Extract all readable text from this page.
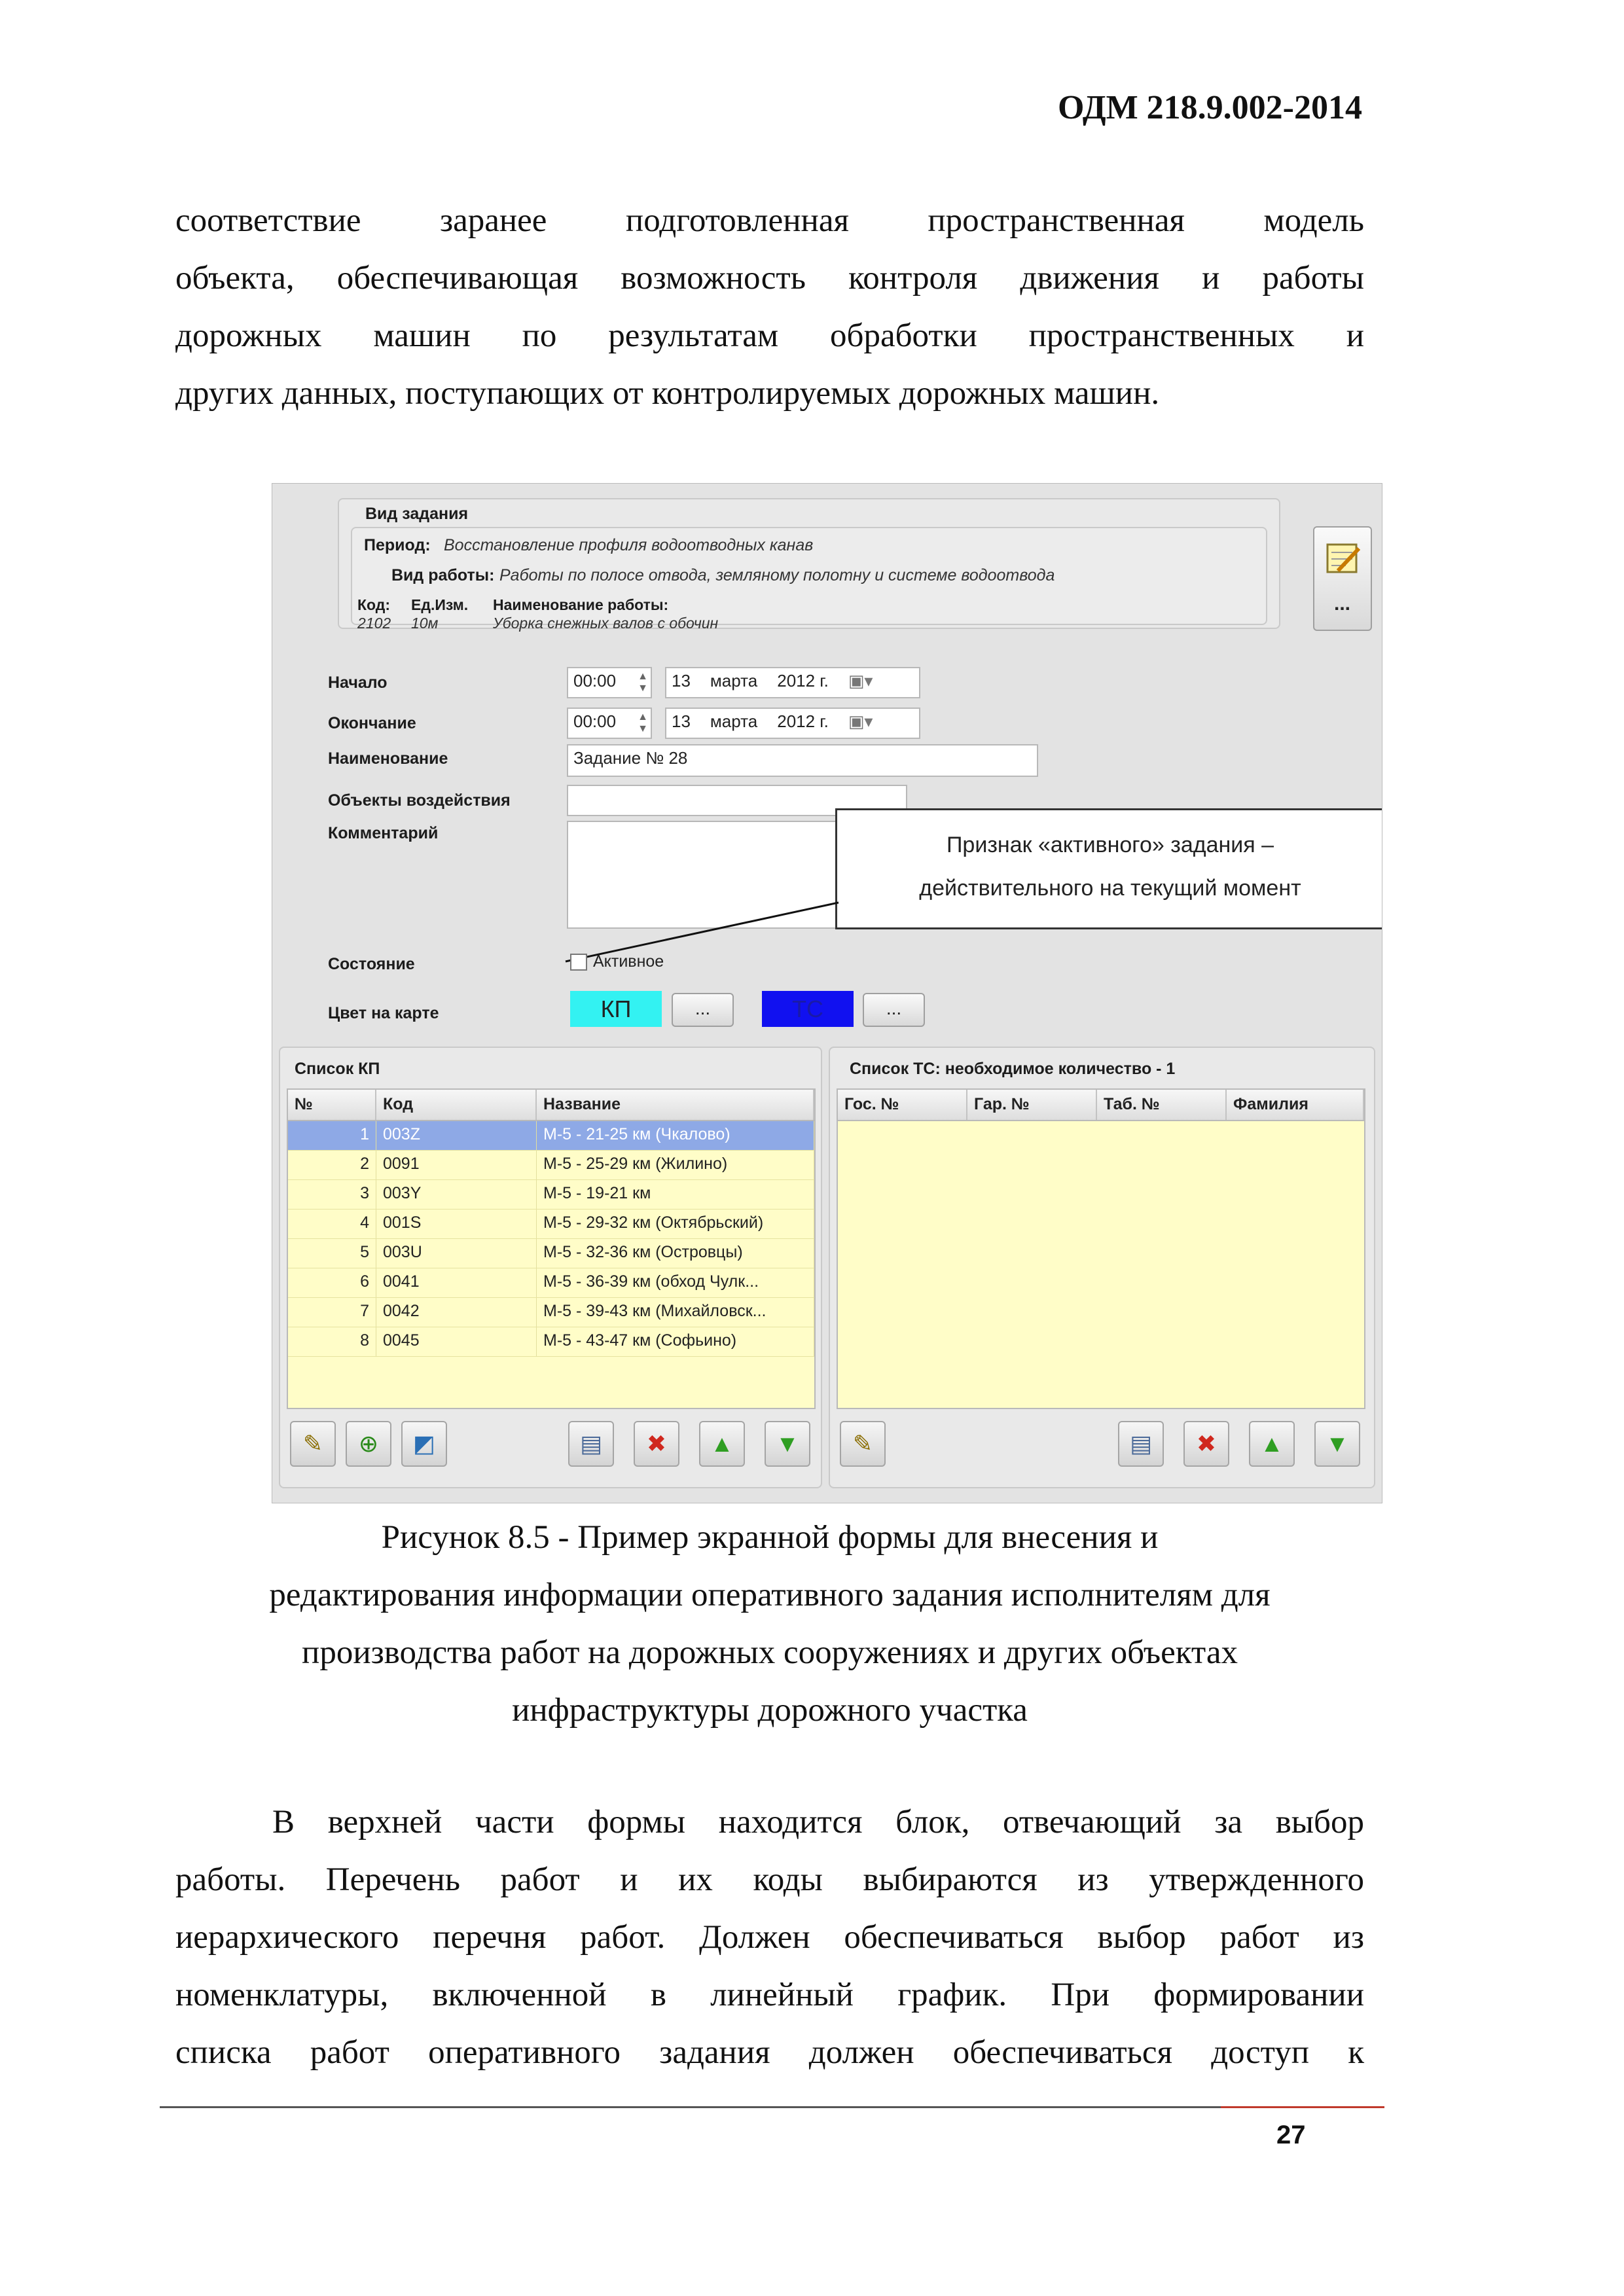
ОДМ 218.9.002-2014
соответствие заранее подготовленная пространственная модель
объекта, обеспечивающая возможность контроля движения и работы
дорожных машин по результатам обработки пространственных и
других данных, поступающих от контролируемых дорожных машин.
Вид задания
Период: Восстановление профиля водоотводных канав
Вид работы: Работы по полосе отвода, земляному полотну и системе водоотвода
Код: Ед.Изм. Наименование работы:
2102 10м	Уборка снежных валов с обочин
...
Начало	00:00 ▲
▼ 13 марта 2012 г. ▣▾
Окончание	00:00 ▲
▼ 13 марта 2012 г. ▣▾
Наименование	Задание № 28
Объекты воздействия
Комментарий	Признак «активного» задания –
действительного на текущий момент
Состояние	Активное
Цвет на карте	КП	...	ТС	...
Список КП
№	Код	Название
1 003Z	М-5 - 21-25 км (Чкалово)
2 0091	М-5 - 25-29 км (Жилино)
3 003Y	М-5 - 19-21 км
4 001S	М-5 - 29-32 км (Октябрьский)
5 003U	М-5 - 32-36 км (Островцы)
6 0041	М-5 - 36-39 км (обход Чулк...
7 0042	М-5 - 39-43 км (Михайловск...
8 0045	М-5 - 43-47 км (Софьино)
✎ ⊕ ◩	▤ ✖ ▲ ▼
Список ТС: необходимое количество - 1
Гос. №	Гар. №	Таб. №	Фамилия
✎	▤ ✖ ▲ ▼
Рисунок 8.5 - Пример экранной формы для внесения и
редактирования информации оперативного задания исполнителям для
производства работ на дорожных сооружениях и других объектах
инфраструктуры дорожного участка
В верхней части формы находится блок, отвечающий за выбор
работы. Перечень работ и их коды выбираются из утвержденного
иерархического перечня работ. Должен обеспечиваться выбор работ из
номенклатуры, включенной в линейный график. При формировании
списка работ оперативного задания должен обеспечиваться доступ к
27
